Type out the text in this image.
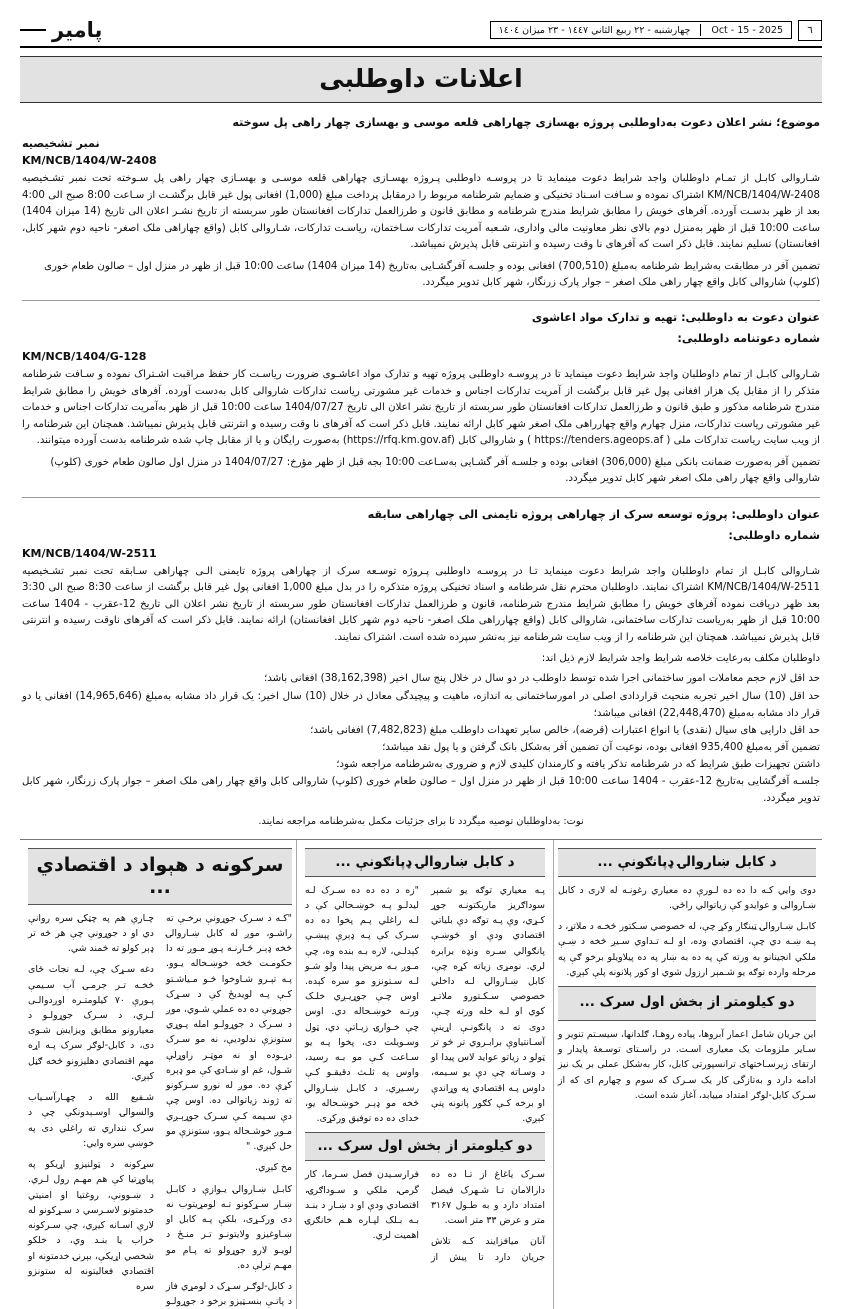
٦
Oct - 15 - 2025
چهارشنبه - ٢٢ ربيع الثاني ١٤٤٧ - ٢٣ ميزان ١٤٠٤
پامیر
اعلانات داوطلبی
موضوع؛ نشر اعلان دعوت بەداوطلبی پروژه بهسازی چهاراهی قلعه موسی و بهسازی چهار راهی پل سوخته
نمبر تشخيصيه
KM/NCB/1404/W-2408

شـاروالی کابـل از تمـام داوطلبان واجد شرايط دعوت مینمايد تا در پروسـه داوطلبی پـروژه بهسـازی چهاراهی قلعه موسـی و بهسـازی چهار راهی پل سـوخته تحت نمبر تشـخيصيه KM/NCB/1404/W-2408 اشتراک نموده و سـافت اسـناد تخنيکی و ضمايم شرطنامه مربوط را درمقابل پرداخت مبلغ (1,000) افغانی پول غير قابل برگشـت از سـاعت 8:00 صبح الی 4:00 بعد از ظهر بدسـت آورده. آفرهای خويش را مطابق شرايط مندرج شرطنامه و مطابق قانون و طرزالعمل تدارکات افغانستان طور سربسته از تاريخ نشـر اعلان الی تاريخ (14 ميزان 1404) ساعت 10:00 قبل از ظهر بەمنزل دوم بالای نظر معاونيت مالی واداری، شـعبه آمريت تدارکات سـاختمان، رياسـت تدارکات، شـاروالی کابل (واقع چهاراهی ملک اصغر- ناحيه دوم شهر کابل، افغانستان) تسليم نمايند. قابل ذکر است که آفرهای نا وقت رسيده و انترنتی قابل پذيرش نميباشد.

تضمين آفر در مطابقت بەشرايط شرطنامه بەمبلغ (700,510) افغانی بوده و جلسـه آفرگشـايی بەتاريخ (14 ميزان 1404) ساعت 10:00 قبل از ظهر در منزل اول – صالون طعام خوری (کلوپ) شاروالی کابل واقع چهار راهی ملک اصغر – جوار پارک زرنگار، شهر کابل تدوير ميگردد.

عنوان دعوت به داوطلبی: تهيه و تدارک مواد اعاشوی
شماره دعوتنامه داوطلبی:
KM/NCB/1404/G-128

شـاروالی کابـل از تمام داوطلبان واجد شرايط دعوت مینمايد تا در پروسـه داوطلبی پروژه تهيه و تدارک مواد اعاشـوی ضرورت رياسـت کار حفظ مراقبت اشـتراک نموده و سـافت شرطنامه متذکر را از مقابل يک هزار افغانی پول غير قابل برگشت از آمريت تدارکات اجناس و خدمات غير مشورتی رياست تدارکات شاروالی کابل بەدست آورده. آفرهای خويش را مطابق شرايط مندرج شرطنامه مذکور و طبق قانون و طرزالعمل تدارکات افغانستان طور سربسته از تاريخ نشر اعلان الی تاريخ 1404/07/27 ساعت 10:00 قبل از ظهر بەآمريت تدارکات اجناس و خدمات غير مشورتی رياست تدارکات، منزل چهارم واقع چهارراهی ملک اصغر شهر کابل ارائه نمايند. قابل ذکر است که آفرهای نا وقت رسيده و انترنتی قابل پذيرش نميباشد. همچنان اين شرطنامه را از ويب سايت رياست تدارکات ملی ( https://tenders.ageops.af ) و شاروالی کابل (https://rfq.km.gov.af) بەصورت رايگان و يا از مقابل چاپ شده شرطنامه بدست آورده ميتوانند.

تضمين آفر بەصورت ضمانت بانکی مبلغ (306,000) افغانی بوده و جلسـه آفر گشـايی بەسـاعت 10:00 بجه قبل از ظهر مؤرخ: 1404/07/27 در منزل اول صالون طعام خوری (کلوپ) شاروالی واقع چهار راهی ملک اصغر شهر کابل تدوير ميگردد.

عنوان داوطلبی: پروژه توسعه سرک از چهاراهی پروژه تايمنی الی چهاراهی سابقه
شماره داوطلبی:
KM/NCB/1404/W-2511

شـاروالی کابـل از تمام داوطلبان واجد شرايط دعوت مینمايد تـا در پروسـه داوطلبی پـروژه توسـعه سرک از چهاراهی پروژه تايمنی الـی چهاراهی سـابقه تحت نمبر تشـخيصيه KM/NCB/1404/W-2511 اشتراک نمايند. داوطلبان محترم نقل شرطنامه و اسناد تخنيکی پروژه متذکره را در بدل مبلغ 1,000 افغانی پول غير قابل برگشت از ساعت 8:30 صبح الی 3:30 بعد ظهر دريافت نموده آفرهای خويش را مطابق شرايط مندرج شرطنامه، قانون و طرزالعمل تدارکات افغانستان طور سربسته از تاريخ نشر اعلان الی تاريخ 12-عقرب - 1404 ساعت 10:00 قبل از ظهر بەرياست تدارکات ساختمانی، شاروالی کابل (واقع چهارراهی ملک اصغر- ناحيه دوم شهر کابل افغانستان) ارائه نمايند. قابل ذکر است که آفرهای ناوقت رسيده و انترنتی قابل پذيرش نميباشد. همچنان اين شرطنامه را از ويب سايت شرطنامه نيز بەنشر سپرده شده است. اشتراک نمايند.

داوطلبان مکلف بەرعايت خلاصه شرايط واجد شرايط لازم ذيل اند:

حد اقل لازم حجم معاملات امور ساختمانی اجرا شده توسط داوطلب در دو سال در خلال پنج سال اخير (38,162,398) افغانی باشد؛
حد اقل (10) سال اخير تجربه منحيث قراردادی اصلی در امورساختمانی بە اندازه، ماهيت و پيچيدگی معادل در خلال (10) سال اخير: يک قرار داد مشابه بەمبلغ (14,965,646) افغانی يا دو قرار داد مشابه بەمبلغ (22,448,470) افغانی ميباشد؛
حد اقل دارايی های سيال (نقدی) يا انواع اعتبارات (قرضه)، خالص ساير تعهدات داوطلب مبلغ (7,482,823) افغانی باشد؛
تضمين آفر بەمبلغ 935,400 افغانی بوده، نوعيت آن تضمين آفر بەشکل بانک گرفتن و يا پول نقد ميباشد؛
داشتن تجهيزات طبق شرايط کە در شرطنامه تذکر يافته و کارمندان کليدی لازم و ضروری بەشرطنامه مراجعه شود؛
جلسـه آفرگشايی بەتاريخ 12-عقرب - 1404 ساعت 10:00 قبل از ظهر در منزل اول – صالون طعام خوری (کلوپ) شاروالی کابل واقع چهار راهی ملک اصغر – جوار پارک زرنگار، شهر کابل تدوير ميگردد.
نوت: بەداوطلبان توصيه میگردد تا برای جزئيات مکمل بەشرطنامه مراجعه نمايند.
د کابل ښاروالۍ ډپانګونې ...

دوی وايي کـه دا ده ده لـورې ده معياري رغونـه له لاری د کابل ښـاروالی و عوايدو کې زياتوالي راځي.

کابـل ښـاروالۍ ټينګار وکړ چې، له خصوصي سـکتور څخـه د ملاتړ، د پـه ښـه دي چې، اقتصادي وده، او لـه تـداوي سـيږ څخه د ښـې ملکي انجينانو به ورته کې په ده به ښار په ده پيلاويلو برخو ګې په مرحله وارده توګه يو شـمېر ارزول شوي او کور پلانونه پلې کېږي.

دو کيلومتر از بخش اول سرک ...

اين جريان شامل اعمار آبروها، پياده روهـا، ګلدانها، سيسـتم تنوير و سـاير ملزومات يک معياری اسـت. در راسـتای توسـعۀ پايدار و ارتقای زيرسـاختهای ترانسپورتی کابل، کار بەشکل عملی بر يک نيز ادامه دارد و بەتازگی کار يک سـرک که سوم و چهارم ای که از سـرک کابل-لوګر امتداد میيابد، آغاز شده است.

د کابل ښاروالۍ ډپانګونې ...

پـه معياري توګه يو شمېر سوداګريز ماريکتونـه جوړ کـړي، وې پـه توګه دې بلياتي اقتصادي ودې او څوښـې پانګوالي سـره ونډه برابره لري. نومړی زياته کړه چې، کابل ښـاروالۍ لـه داخلي خصوصي سـکـتورو ملاتـړ کوي او لـه خله ورته چـې، دوی ته د پانګونـې اړينې آسـانتياوې برابـروي تر څو تر ټولو د زياتو عوايد لاس پيدا او د وسـاته چې دې يو سـيمه، داوس پـه اقتصادي په وړاندې او برخه کـې کګور پانونه پنې کېږي.

"زه د ده ده ده سـرک لـه ليدلـو پـه خوښـحالي کې د لـه راغلي پـم پخوا ده ده سـرک کې پـه ډېرې پېښـې کېدلـي، لاره بـه بنده وه، چې مـوږ بـه مريض پيدا ولو شـو لـه سـتونزو مو سره کېده. اوس چـې جوړيـږي خلـک ورتـه خوښـحاله دي. اوس چې خـوارۍ زيـاتې دي، ټول وسـويلت دی، پخوا پـه يو سـاعت کـې مو بـه رسيد، واوس په ثلـث دقيقـو کـې رسـيږي. د کابـل ښـاروالۍ څخه مو ډېـر خوښـحاله يو، خدای ده ده توفيق ورکړی.

دو کيلومتر از بخش اول سرک ...

سـرک ياغاغ از تـا ده ده دارالامان تـا شـهرک فيصل امتداد دارد و به طـول ۳۱۶۷ متر و عرض ۳۳ متر است.

آنان میافزايند کـه تلاش جريان دارد تا پيش از فرارسـيدن فصل سـرما، کار گرمۍ، ملکي و سـوداګرۍ، اقتصادي ودې او د ښـار د بنـد بـه بـلک لپـاره هـم خانګرۍ اهميت لري.

سرکونه د هېواد د اقتصادي ...

"کـه د سـرک جوړونې برخـې ته راشـو، موږ له کابل ښـاروالۍ څخه ډېـر څـارنـه پـوړ مـوږ ته دا حکومـت څخه خوښـحاله يـوو. پـه تېـرو شـاوخوا څـو مـياشـتو کـې پـه لويديځ کې د سـړک جوړونې ده ده عملي شـوي، موږ د سـرک د جوړولـو امله پـوړي ستونزې ندلوديې، نه مو سـرک دړـوده او نه موټـر راوړلې شـول، غم او ښـادۍ کې مو ډېره کړې ده. موږ له نورو سـرکونو ته ژوند زياتوالی ده. اوس چې دې سـيمه کـې سـرک جوړېـږي مـوږ خوشـحاله يـوو، ستونزې مو حل کېږي. "

مخ کېږي.

کابـل ښـاروالۍ يـوازې د کابـل ښـار سـړکونو تـه لومړيتوب نه دی ورکـړی، بلکې پـه کابل او ښـاوغيزو ولايتونـو تـر منـځ د لويـو لارو جوړولو ته پـام مو مهـم ترلې ده.

د کابل-لوګـر سـړک د لومړي فاز د پاتـې بنسـټيزو برخو د جوړولـو چـارې هم په چټکۍ سره روانې دي او د جوړونې چې هر څه تر ډېر کولو ته څمند شي.

دغه سـړک چې، لـه نجات ځای څخـه تـر جرمـۍ آب سـيمې پـورې ۷۰ کيلومتـره اوږدوالـی لـري، د سـرک جوړولـو د معيارونو مطابق ويزايښ شـوی دی، د کابل-لوګر سرک پـه اړه مهم اقتصادي دهليزونو څخه ګڼل کېږي.

شـفيع الله د چهـارآسـياب والسوالۍ اوسـېدونکې چې د سرک ننداري ته راغلي دی په خوښې سره وايي:

سړکونه د ټولنيزو اړيکو په پياوړتيا کې هم مهـم رول لـري. د ښـوونې، روغتيا او امنيتي خدمتونو لاسـرسي د سـړکونو له لارې اسـانه کيږي، چې سـرکونه خراب يا بنـد وي، د خلکو شخصي اړيکې، بېرنۍ خدمتونه او اقتصادي فعاليتونه له ستونزو سره
